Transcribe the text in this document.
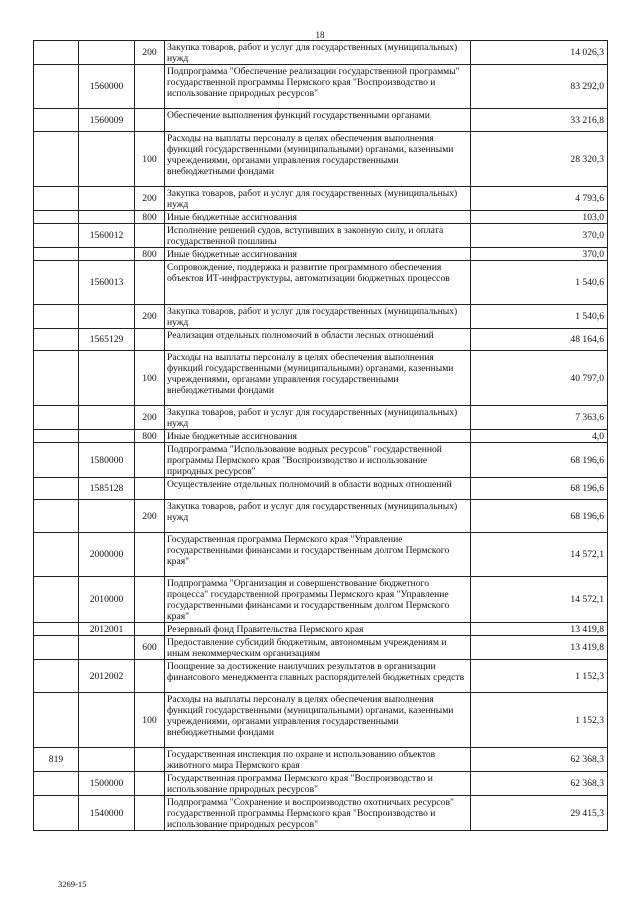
18
		200	Закупка товаров, работ и услуг для государственных (муниципальных) нужд	14 026,3
	1560000		Подпрограмма "Обеспечение реализации государственной программы" государственной программы Пермского края "Воспроизводство и использование природных ресурсов"	83 292,0
	1560009		Обеспечение выполнения функций государственными органами	33 216,8
		100	Расходы на выплаты персоналу в целях обеспечения выполнения функций государственными (муниципальными) органами, казенными учреждениями, органами управления государственными внебюджетными фондами	28 320,3
		200	Закупка товаров, работ и услуг для государственных (муниципальных) нужд	4 793,6
		800	Иные бюджетные ассигнования	103,0
	1560012		Исполнение решений судов, вступивших в законную силу, и оплата государственной пошлины	370,0
		800	Иные бюджетные ассигнования	370,0
	1560013		Сопровождение, поддержка и развитие программного обеспечения объектов ИТ-инфраструктуры, автоматизации бюджетных процессов	1 540,6
		200	Закупка товаров, работ и услуг для государственных (муниципальных) нужд	1 540,6
	1565129		Реализация отдельных полномочий в области лесных отношений	48 164,6
		100	Расходы на выплаты персоналу в целях обеспечения выполнения функций государственными (муниципальными) органами, казенными учреждениями, органами управления государственными внебюджетными фондами	40 797,0
		200	Закупка товаров, работ и услуг для государственных (муниципальных) нужд	7 363,6
		800	Иные бюджетные ассигнования	4,0
	1580000		Подпрограмма "Использование водных ресурсов" государственной программы Пермского края "Воспроизводство и использование природных ресурсов"	68 196,6
	1585128		Осуществление отдельных полномочий в области водных отношений	68 196,6
		200	Закупка товаров, работ и услуг для государственных (муниципальных) нужд	68 196,6
	2000000		Государственная программа Пермского края "Управление государственными финансами и государственным долгом Пермского края"	14 572,1
	2010000		Подпрограмма "Организация и совершенствование бюджетного процесса" государственной программы Пермского края "Управление государственными финансами и государственным долгом Пермского края"	14 572,1
	2012001		Резервный фонд Правительства Пермского края	13 419,8
		600	Предоставление субсидий бюджетным, автономным учреждениям и иным некоммерческим организациям	13 419,8
	2012002		Поощрение за достижение наилучших результатов в организации финансового менеджмента главных распорядителей бюджетных средств	1 152,3
		100	Расходы на выплаты персоналу в целях обеспечения выполнения функций государственными (муниципальными) органами, казенными учреждениями, органами управления государственными внебюджетными фондами	1 152,3
819			Государственная инспекция по охране и использованию объектов животного мира Пермского края	62 368,3
	1500000		Государственная программа Пермского края "Воспроизводство и использование природных ресурсов"	62 368,3
	1540000		Подпрограмма "Сохранение и воспроизводство охотничьих ресурсов" государственной программы Пермского края "Воспроизводство и использование природных ресурсов"	29 415,3
3269-15
